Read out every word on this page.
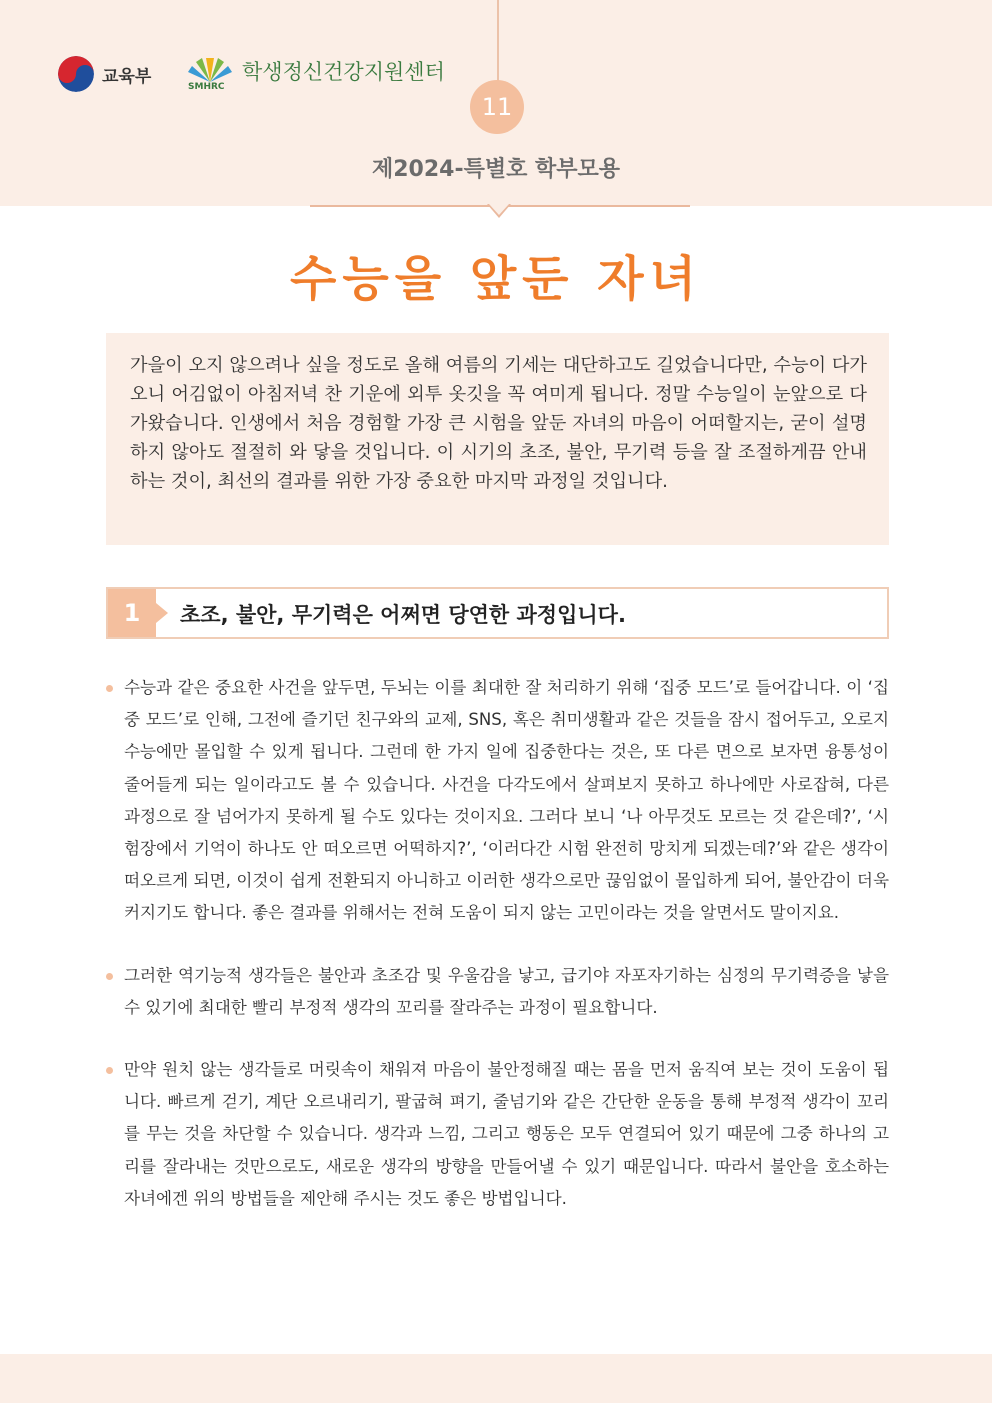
교육부
SMHRC
학생정신건강지원센터
11
제2024-특별호 학부모용
수능을 앞둔 자녀
가을이 오지 않으려나 싶을 정도로 올해 여름의 기세는 대단하고도 길었습니다만, 수능이 다가오니 어김없이 아침저녁 찬 기운에 외투 옷깃을 꼭 여미게 됩니다. 정말 수능일이 눈앞으로 다가왔습니다. 인생에서 처음 경험할 가장 큰 시험을 앞둔 자녀의 마음이 어떠할지는, 굳이 설명하지 않아도 절절히 와 닿을 것입니다. 이 시기의 초조, 불안, 무기력 등을 잘 조절하게끔 안내하는 것이, 최선의 결과를 위한 가장 중요한 마지막 과정일 것입니다.
1	초조, 불안, 무기력은 어쩌면 당연한 과정입니다.
수능과 같은 중요한 사건을 앞두면, 두뇌는 이를 최대한 잘 처리하기 위해 ‘집중 모드’로 들어갑니다. 이 ‘집중 모드’로 인해, 그전에 즐기던 친구와의 교제, SNS, 혹은 취미생활과 같은 것들을 잠시 접어두고, 오로지 수능에만 몰입할 수 있게 됩니다. 그런데 한 가지 일에 집중한다는 것은, 또 다른 면으로 보자면 융통성이 줄어들게 되는 일이라고도 볼 수 있습니다. 사건을 다각도에서 살펴보지 못하고 하나에만 사로잡혀, 다른 과정으로 잘 넘어가지 못하게 될 수도 있다는 것이지요. 그러다 보니 ‘나 아무것도 모르는 것 같은데?’, ‘시험장에서 기억이 하나도 안 떠오르면 어떡하지?’, ‘이러다간 시험 완전히 망치게 되겠는데?’와 같은 생각이 떠오르게 되면, 이것이 쉽게 전환되지 아니하고 이러한 생각으로만 끊임없이 몰입하게 되어, 불안감이 더욱 커지기도 합니다. 좋은 결과를 위해서는 전혀 도움이 되지 않는 고민이라는 것을 알면서도 말이지요.
그러한 역기능적 생각들은 불안과 초조감 및 우울감을 낳고, 급기야 자포자기하는 심정의 무기력증을 낳을 수 있기에 최대한 빨리 부정적 생각의 꼬리를 잘라주는 과정이 필요합니다.
만약 원치 않는 생각들로 머릿속이 채워져 마음이 불안정해질 때는 몸을 먼저 움직여 보는 것이 도움이 됩니다. 빠르게 걷기, 계단 오르내리기, 팔굽혀 펴기, 줄넘기와 같은 간단한 운동을 통해 부정적 생각이 꼬리를 무는 것을 차단할 수 있습니다. 생각과 느낌, 그리고 행동은 모두 연결되어 있기 때문에 그중 하나의 고리를 잘라내는 것만으로도, 새로운 생각의 방향을 만들어낼 수 있기 때문입니다. 따라서 불안을 호소하는 자녀에겐 위의 방법들을 제안해 주시는 것도 좋은 방법입니다.
